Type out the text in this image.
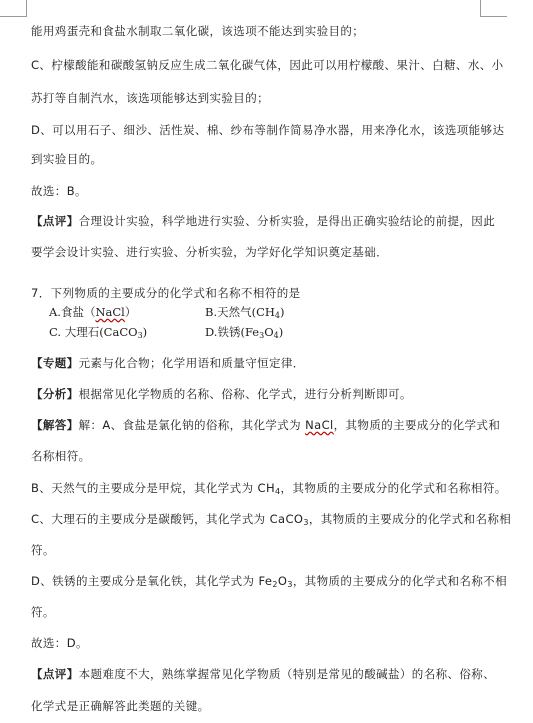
能用鸡蛋壳和食盐水制取二氧化碳，该选项不能达到实验目的；
C、柠檬酸能和碳酸氢钠反应生成二氧化碳气体，因此可以用柠檬酸、果汁、白糖、水、小
苏打等自制汽水，该选项能够达到实验目的；
D、可以用石子、细沙、活性炭、棉、纱布等制作简易净水器，用来净化水，该选项能够达
到实验目的。
故选：B。
【点评】合理设计实验，科学地进行实验、分析实验，是得出正确实验结论的前提，因此
要学会设计实验、进行实验、分析实验，为学好化学知识奠定基础．
7．下列物质的主要成分的化学式和名称不相符的是
A.食盐（NaCl）	B.天然气$(CH_4)$
C. 大理石(CaCO$_3$)	D.铁锈$(Fe_3O_4)$
【专题】元素与化合物；化学用语和质量守恒定律．
【分析】根据常见化学物质的名称、俗称、化学式，进行分析判断即可。
【解答】解：A、食盐是氯化钠的俗称，其化学式为 NaCl，其物质的主要成分的化学式和
名称相符。
B、天然气的主要成分是甲烷，其化学式为 $CH_4$，其物质的主要成分的化学式和名称相符。
C、大理石的主要成分是碳酸钙，其化学式为 CaCO$_3$，其物质的主要成分的化学式和名称相
符。
D、铁锈的主要成分是氧化铁，其化学式为 $Fe_2O_3$，其物质的主要成分的化学式和名称不相
符。
故选：D。
【点评】本题难度不大，熟练掌握常见化学物质（特别是常见的酸碱盐）的名称、俗称、
化学式是正确解答此类题的关键。
